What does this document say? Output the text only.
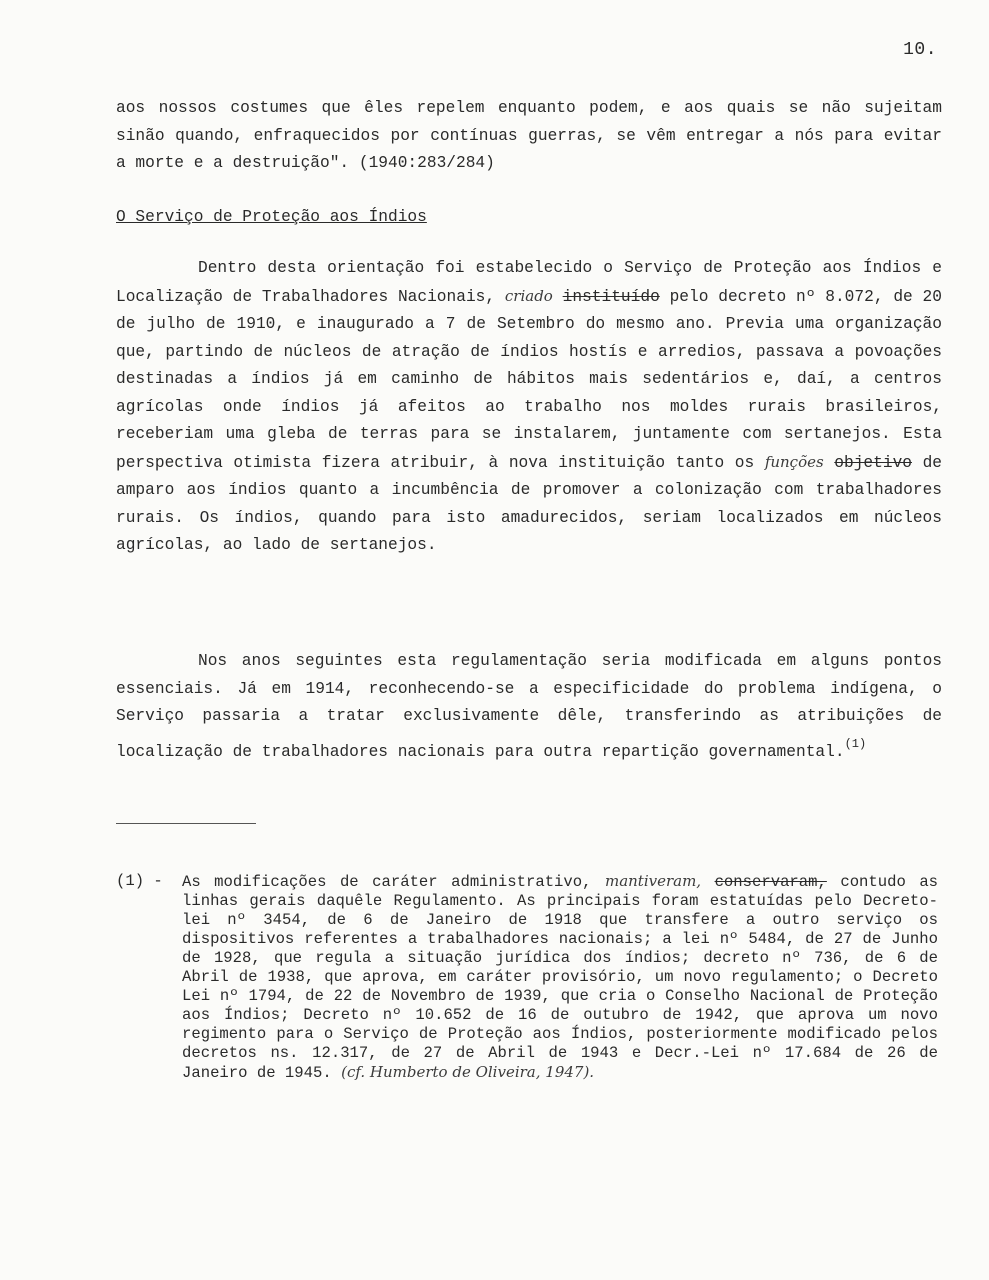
10.
aos nossos costumes que êles repelem enquanto podem, e aos quais se não sujeitam sinão quando, enfraquecidos por contínuas guerras, se vêm entregar a nós para evitar a morte e a destruição". (1940:283/284)
O Serviço de Proteção aos Índios
Dentro desta orientação foi estabelecido o Serviço de Proteção aos Índios e Localização de Trabalhadores Nacionais, criado instituído pelo decreto nº 8.072, de 20 de julho de 1910, e inaugurado a 7 de Setembro do mesmo ano. Previa uma organização que, partindo de núcleos de atração de índios hostís e arredios, passava a povoações destinadas a índios já em caminho de hábitos mais sedentários e, daí, a centros agrícolas onde índios já afeitos ao trabalho nos moldes rurais brasileiros, receberiam uma gleba de terras para se instalarem, juntamente com sertanejos. Esta perspectiva otimista fizera atribuir, à nova instituição tanto os funções objetivo de amparo aos índios quanto a incumbência de promover a colonização com trabalhadores rurais. Os índios, quando para isto amadurecidos, seriam localizados em núcleos agrícolas, ao lado de sertanejos.
Nos anos seguintes esta regulamentação seria modificada em alguns pontos essenciais. Já em 1914, reconhecendo-se a especificidade do problema indígena, o Serviço passaria a tratar exclusivamente dêle, transferindo as atribuições de localização de trabalhadores nacionais para outra repartição governamental.$^{(1)}$
(1) - As modificações de caráter administrativo, mantiveram, conservaram, contudo as linhas gerais daquêle Regulamento. As principais foram estatuídas pelo Decreto-lei nº 3454, de 6 de Janeiro de 1918 que transfere a outro serviço os dispositivos referentes a trabalhadores nacionais; a lei nº 5484, de 27 de Junho de 1928, que regula a situação jurídica dos índios; decreto nº 736, de 6 de Abril de 1938, que aprova, em caráter provisório, um novo regulamento; o Decreto Lei nº 1794, de 22 de Novembro de 1939, que cria o Conselho Nacional de Proteção aos Índios; Decreto nº 10.652 de 16 de outubro de 1942, que aprova um novo regimento para o Serviço de Proteção aos Índios, posteriormente modificado pelos decretos ns. 12.317, de 27 de Abril de 1943 e Decr.-Lei nº 17.684 de 26 de Janeiro de 1945. (cf. Humberto de Oliveira, 1947).
